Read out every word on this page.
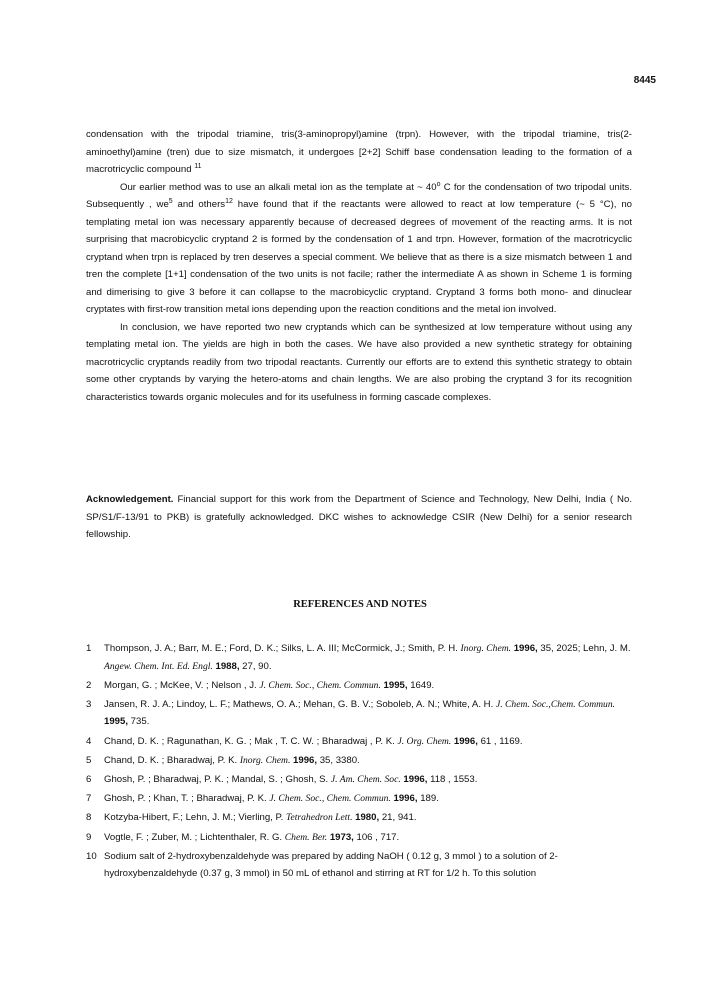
8445

condensation with the tripodal triamine, tris(3-aminopropyl)amine (trpn). However, with the tripodal triamine, tris(2-aminoethyl)amine (tren) due to size mismatch, it undergoes [2+2] Schiff base condensation leading to the formation of a macrotricyclic compound $^{11}$

Our earlier method was to use an alkali metal ion as the template at ~ 40$^o$ C for the condensation of two tripodal units. Subsequently , $we^5$ and others$^{12}$ have found that if the reactants were allowed to react at low temperature (~ 5 °C), no templating metal ion was necessary apparently because of decreased degrees of movement of the reacting arms. It is not surprising that macrobicyclic cryptand 2 is formed by the condensation of 1 and trpn. However, formation of the macrotricyclic cryptand when trpn is replaced by tren deserves a special comment. We believe that as there is a size mismatch between 1 and tren the complete [1+1] condensation of the two units is not facile; rather the intermediate A as shown in Scheme 1 is forming and dimerising to give 3 before it can collapse to the macrobicyclic cryptand. Cryptand 3 forms both mono- and dinuclear cryptates with first-row transition metal ions depending upon the reaction conditions and the metal ion involved.

In conclusion, we have reported two new cryptands which can be synthesized at low temperature without using any templating metal ion. The yields are high in both the cases. We have also provided a new synthetic strategy for obtaining macrotricyclic cryptands readily from two tripodal reactants. Currently our efforts are to extend this synthetic strategy to obtain some other cryptands by varying the hetero-atoms and chain lengths. We are also probing the cryptand 3 for its recognition characteristics towards organic molecules and for its usefulness in forming cascade complexes.

Acknowledgement. Financial support for this work from the Department of Science and Technology, New Delhi, India ( No. SP/S1/F-13/91 to PKB) is gratefully acknowledged. DKC wishes to acknowledge CSIR (New Delhi) for a senior research fellowship.

REFERENCES AND NOTES
1	Thompson, J. A.; Barr, M. E.; Ford, D. K.; Silks, L. A. III; McCormick, J.; Smith, P. H. Inorg. Chem. 1996, 35, 2025; Lehn, J. M. Angew. Chem. Int. Ed. Engl. 1988, 27, 90.
2	Morgan, G. ; McKee, V. ; Nelson , J. J. Chem. Soc., Chem. Commun. 1995, 1649.
3	Jansen, R. J. A.; Lindoy, L. F.; Mathews, O. A.; Mehan, G. B. V.; Soboleb, A. N.; White, A. H. J. Chem. Soc.,Chem. Commun. 1995, 735.
4	Chand, D. K. ; Ragunathan, K. G. ; Mak , T. C. W. ; Bharadwaj , P. K. J. Org. Chem. 1996, 61 , 1169.
5	Chand, D. K. ; Bharadwaj, P. K. Inorg. Chem. 1996, 35, 3380.
6	Ghosh, P. ; Bharadwaj, P. K. ; Mandal, S. ; Ghosh, S. J. Am. Chem. Soc. 1996, 118 , 1553.
7	Ghosh, P. ; Khan, T. ; Bharadwaj, P. K. J. Chem. Soc., Chem. Commun. 1996, 189.
8	Kotzyba-Hibert, F.; Lehn, J. M.; Vierling, P. Tetrahedron Lett. 1980, 21, 941.
9	Vogtle, F. ; Zuber, M. ; Lichtenthaler, R. G. Chem. Ber. 1973, 106 , 717.
10 Sodium salt of 2-hydroxybenzaldehyde was prepared by adding NaOH ( 0.12 g, 3 mmol ) to a solution of 2-hydroxybenzaldehyde (0.37 g, 3 mmol) in 50 mL of ethanol and stirring at RT for 1/2 h. To this solution
